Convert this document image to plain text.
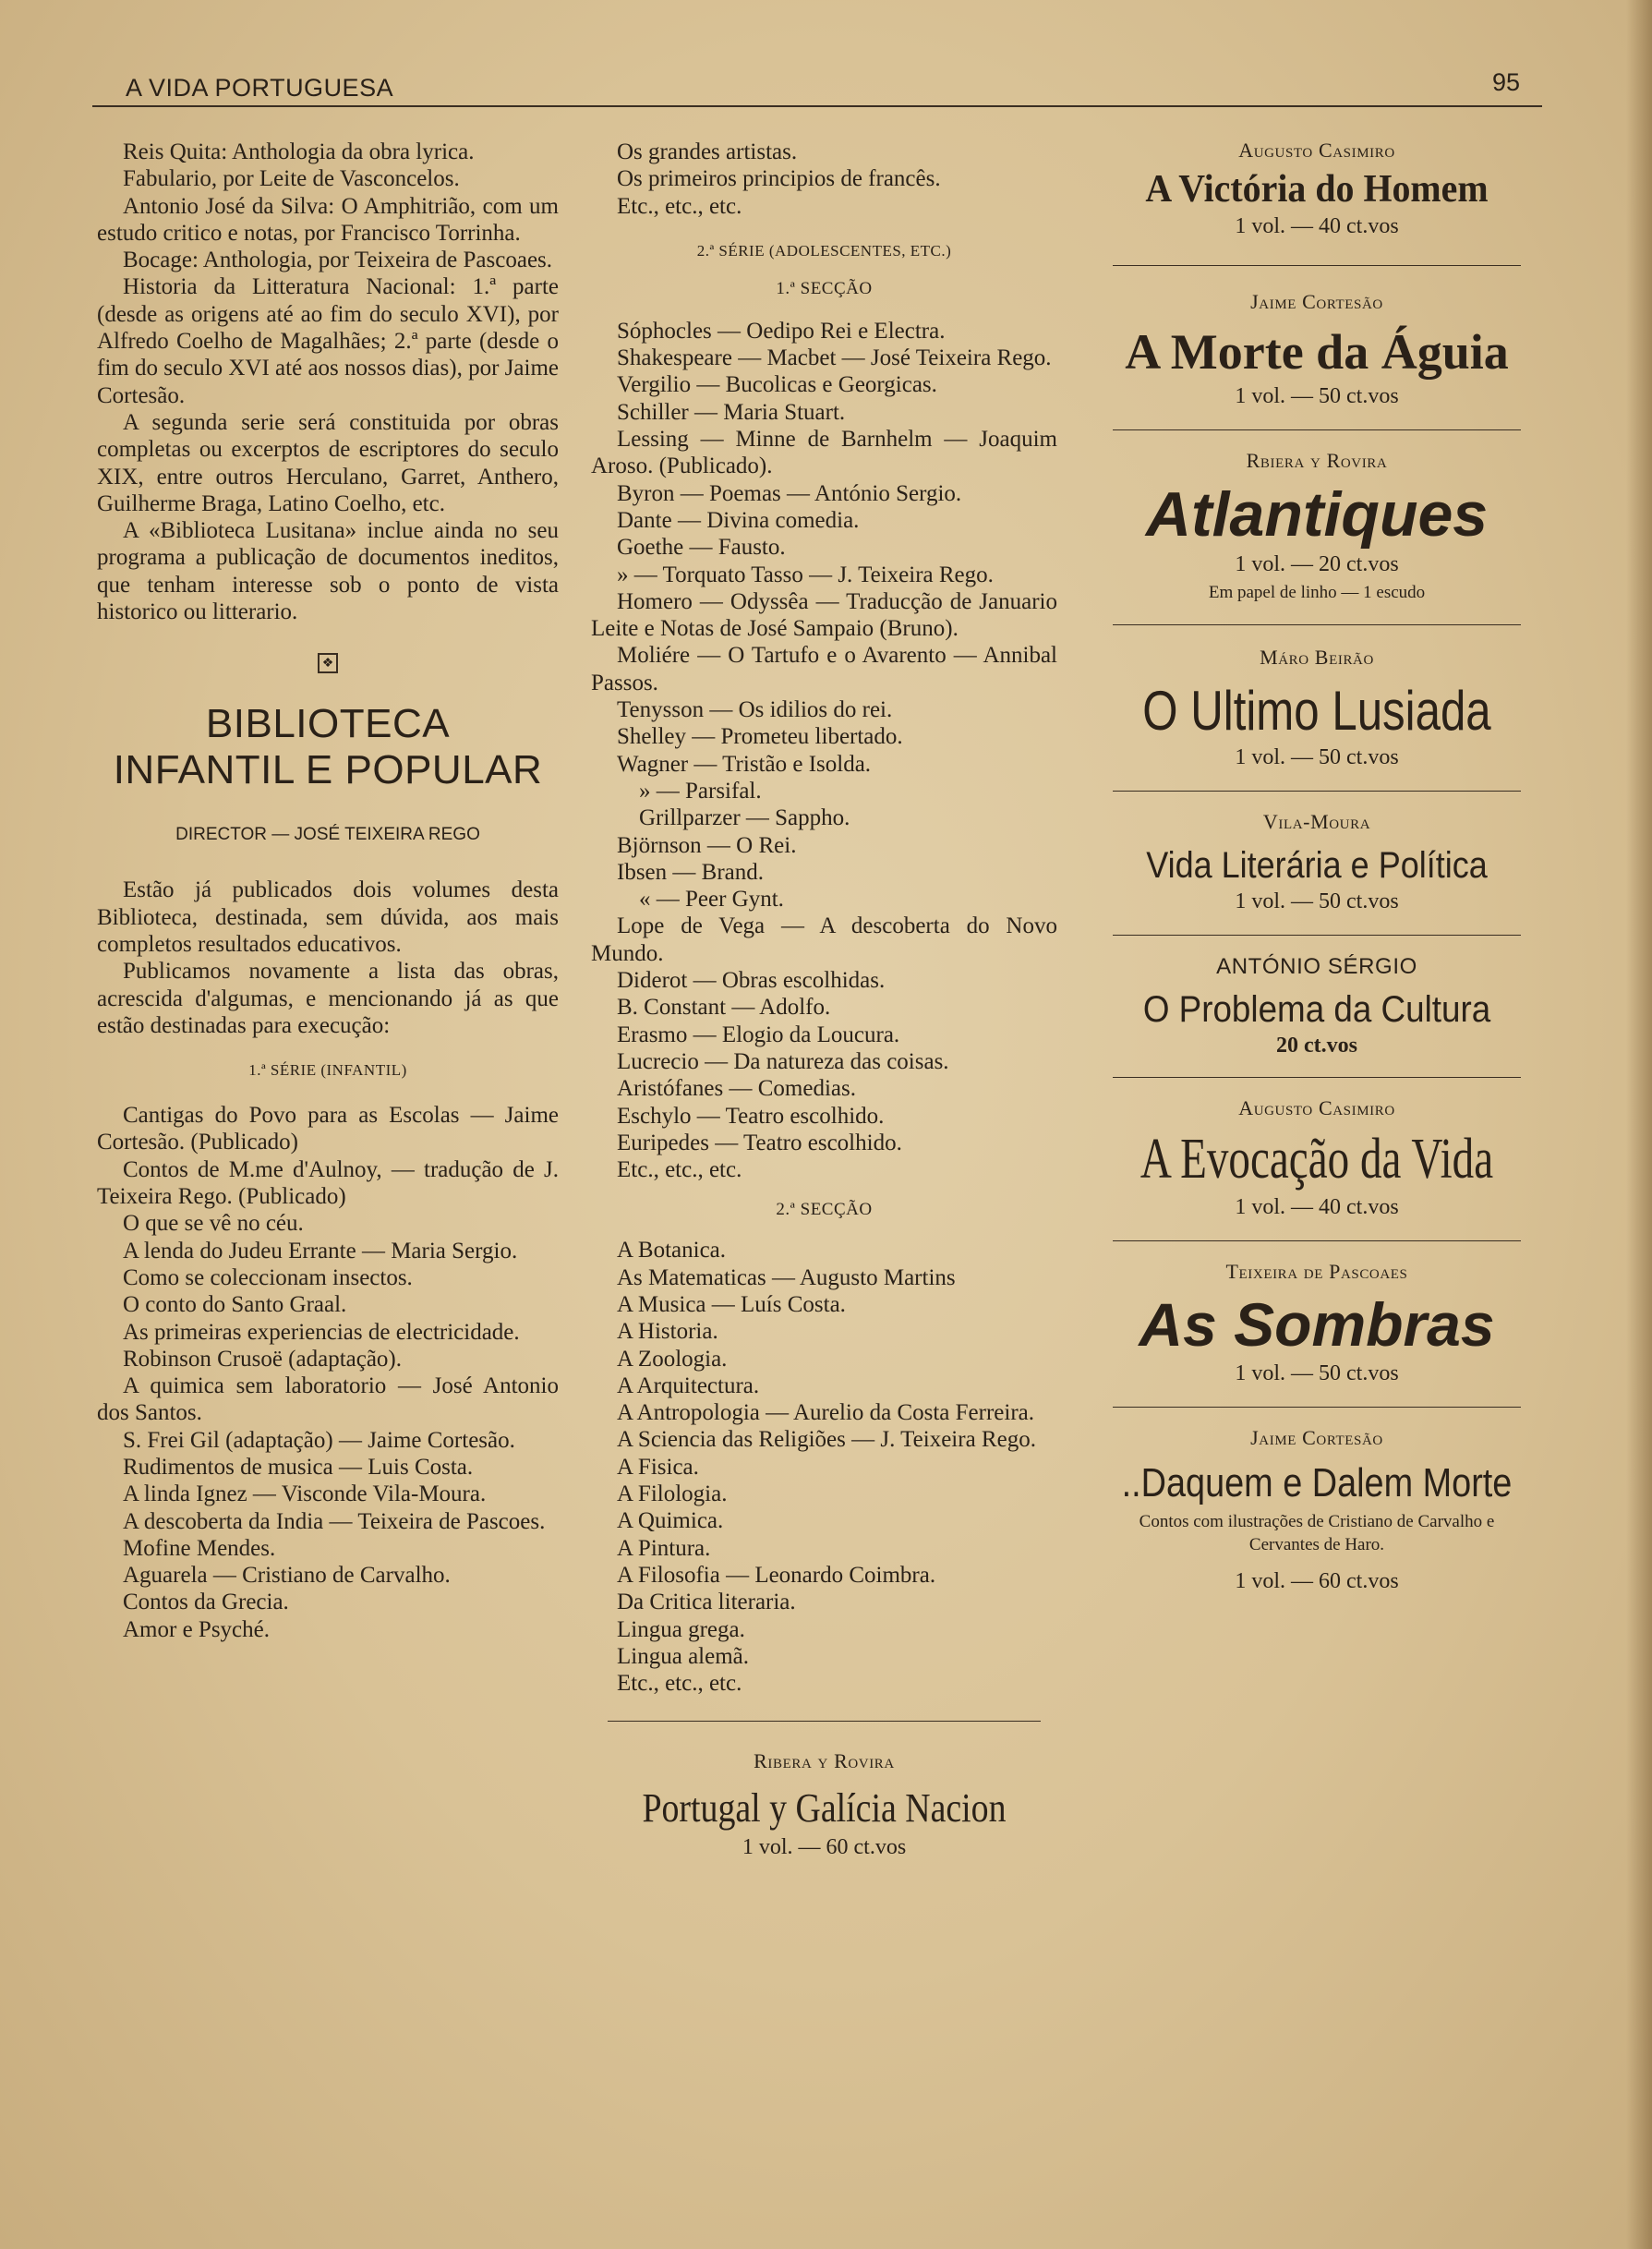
A VIDA PORTUGUESA	95

Reis Quita: Anthologia da obra lyrica.

Fabulario, por Leite de Vasconcelos.

Antonio José da Silva: O Amphitrião, com um estudo critico e notas, por Francisco Torrinha.

Bocage: Anthologia, por Teixeira de Pascoaes.

Historia da Litteratura Nacional: 1.ª parte (desde as origens até ao fim do seculo XVI), por Alfredo Coelho de Magalhães; 2.ª parte (desde o fim do seculo XVI até aos nossos dias), por Jaime Cortesão.

A segunda serie será constituida por obras completas ou excerptos de escriptores do seculo XIX, entre outros Herculano, Garret, Anthero, Guilherme Braga, Latino Coelho, etc.

A «Biblioteca Lusitana» inclue ainda no seu programa a publicação de documentos ineditos, que tenham interesse sob o ponto de vista historico ou litterario.

❖
BIBLIOTECA
INFANTIL E POPULAR

DIRECTOR — JOSÉ TEIXEIRA REGO

Estão já publicados dois volumes desta Biblioteca, destinada, sem dúvida, aos mais completos resultados educativos.

Publicamos novamente a lista das obras, acrescida d'algumas, e mencionando já as que estão destinadas para execução:

1.ª SÉRIE (INFANTIL)

Cantigas do Povo para as Escolas — Jaime Cortesão. (Publicado)

Contos de M.me d'Aulnoy, — tradução de J. Teixeira Rego. (Publicado)

O que se vê no céu.

A lenda do Judeu Errante — Maria Sergio.

Como se coleccionam insectos.

O conto do Santo Graal.

As primeiras experiencias de electricidade.

Robinson Crusoë (adaptação).

A quimica sem laboratorio — José Antonio dos Santos.

S. Frei Gil (adaptação) — Jaime Cortesão.

Rudimentos de musica — Luis Costa.

A linda Ignez — Visconde Vila-Moura.

A descoberta da India — Teixeira de Pascoes.

Mofine Mendes.

Aguarela — Cristiano de Carvalho.

Contos da Grecia.

Amor e Psyché.

Os grandes artistas.

Os primeiros principios de francês.

Etc., etc., etc.

2.ª SÉRIE (ADOLESCENTES, ETC.)

1.ª SECÇÃO

Sóphocles — Oedipo Rei e Electra.

Shakespeare — Macbet — José Teixeira Rego.

Vergilio — Bucolicas e Georgicas.

Schiller — Maria Stuart.

Lessing — Minne de Barnhelm — Joaquim Aroso. (Publicado).

Byron — Poemas — António Sergio.

Dante — Divina comedia.

Goethe — Fausto.

» — Torquato Tasso — J. Teixeira Rego.

Homero — Odyssêa — Traducção de Januario Leite e Notas de José Sampaio (Bruno).

Moliére — O Tartufo e o Avarento — Annibal Passos.

Tenysson — Os idilios do rei.

Shelley — Prometeu libertado.

Wagner — Tristão e Isolda.

» — Parsifal.

Grillparzer — Sappho.

Björnson — O Rei.

Ibsen — Brand.

« — Peer Gynt.

Lope de Vega — A descoberta do Novo Mundo.

Diderot — Obras escolhidas.

B. Constant — Adolfo.

Erasmo — Elogio da Loucura.

Lucrecio — Da natureza das coisas.

Aristófanes — Comedias.

Eschylo — Teatro escolhido.

Euripedes — Teatro escolhido.

Etc., etc., etc.

2.ª SECÇÃO

A Botanica.

As Matematicas — Augusto Martins

A Musica — Luís Costa.

A Historia.

A Zoologia.

A Arquitectura.

A Antropologia — Aurelio da Costa Ferreira.

A Sciencia das Religiões — J. Teixeira Rego.

A Fisica.

A Filologia.

A Quimica.

A Pintura.

A Filosofia — Leonardo Coimbra.

Da Critica literaria.

Lingua grega.

Lingua alemã.

Etc., etc., etc.

Ribera y Rovira

Portugal y Galícia Nacion

1 vol. — 60 ct.vos

Augusto Casimiro

A Victória do Homem

1 vol. — 40 ct.vos

Jaime Cortesão

A Morte da Águia

1 vol. — 50 ct.vos

Rbiera y Rovira

Atlantiques

1 vol. — 20 ct.vos

Em papel de linho — 1 escudo

Máro Beirão

O Ultimo Lusiada

1 vol. — 50 ct.vos

Vila-Moura

Vida Literária e Política

1 vol. — 50 ct.vos

ANTÓNIO SÉRGIO

O Problema da Cultura

20 ct.vos

Augusto Casimiro

A Evocação da Vida

1 vol. — 40 ct.vos

Teixeira de Pascoaes

As Sombras

1 vol. — 50 ct.vos

Jaime Cortesão

..Daquem e Dalem Morte

Contos com ilustrações de Cristiano de Carvalho e Cervantes de Haro.

1 vol. — 60 ct.vos
